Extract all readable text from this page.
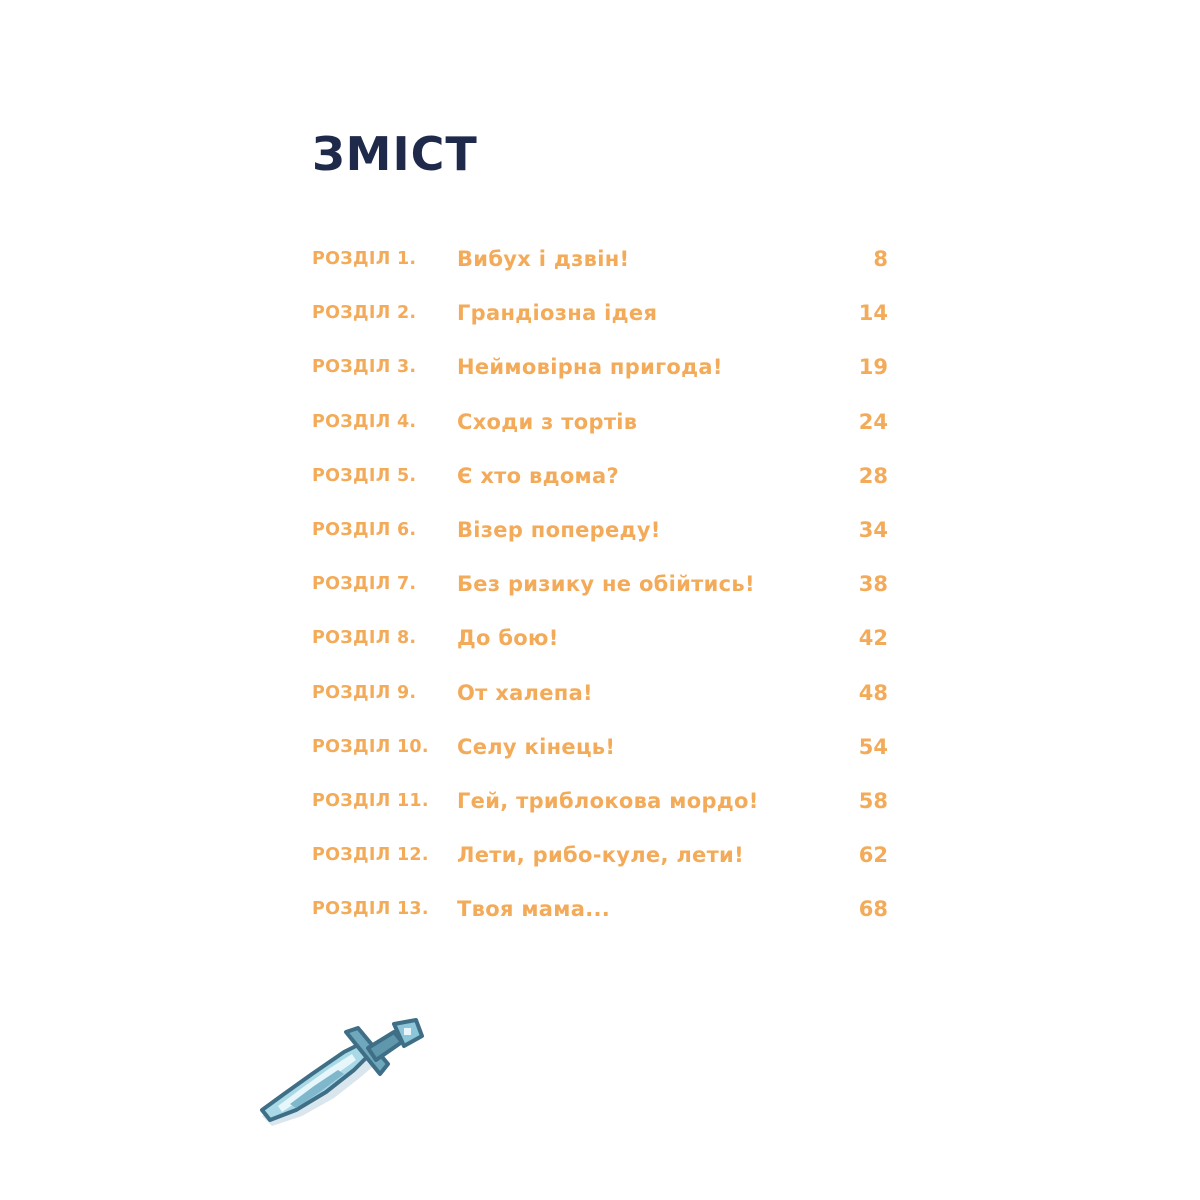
ЗМІСТ
РОЗДІЛ 1.	Вибух і дзвін!	8
РОЗДІЛ 2.	Грандіозна ідея	14
РОЗДІЛ 3.	Неймовірна пригода!	19
РОЗДІЛ 4.	Сходи з тортів	24
РОЗДІЛ 5.	Є хто вдома?	28
РОЗДІЛ 6.	Візер попереду!	34
РОЗДІЛ 7.	Без ризику не обійтись!	38
РОЗДІЛ 8.	До бою!	42
РОЗДІЛ 9.	От халепа!	48
РОЗДІЛ 10.	Селу кінець!	54
РОЗДІЛ 11.	Гей, триблокова мордо!	58
РОЗДІЛ 12.	Лети, рибо-куле, лети!	62
РОЗДІЛ 13.	Твоя мама...	68
